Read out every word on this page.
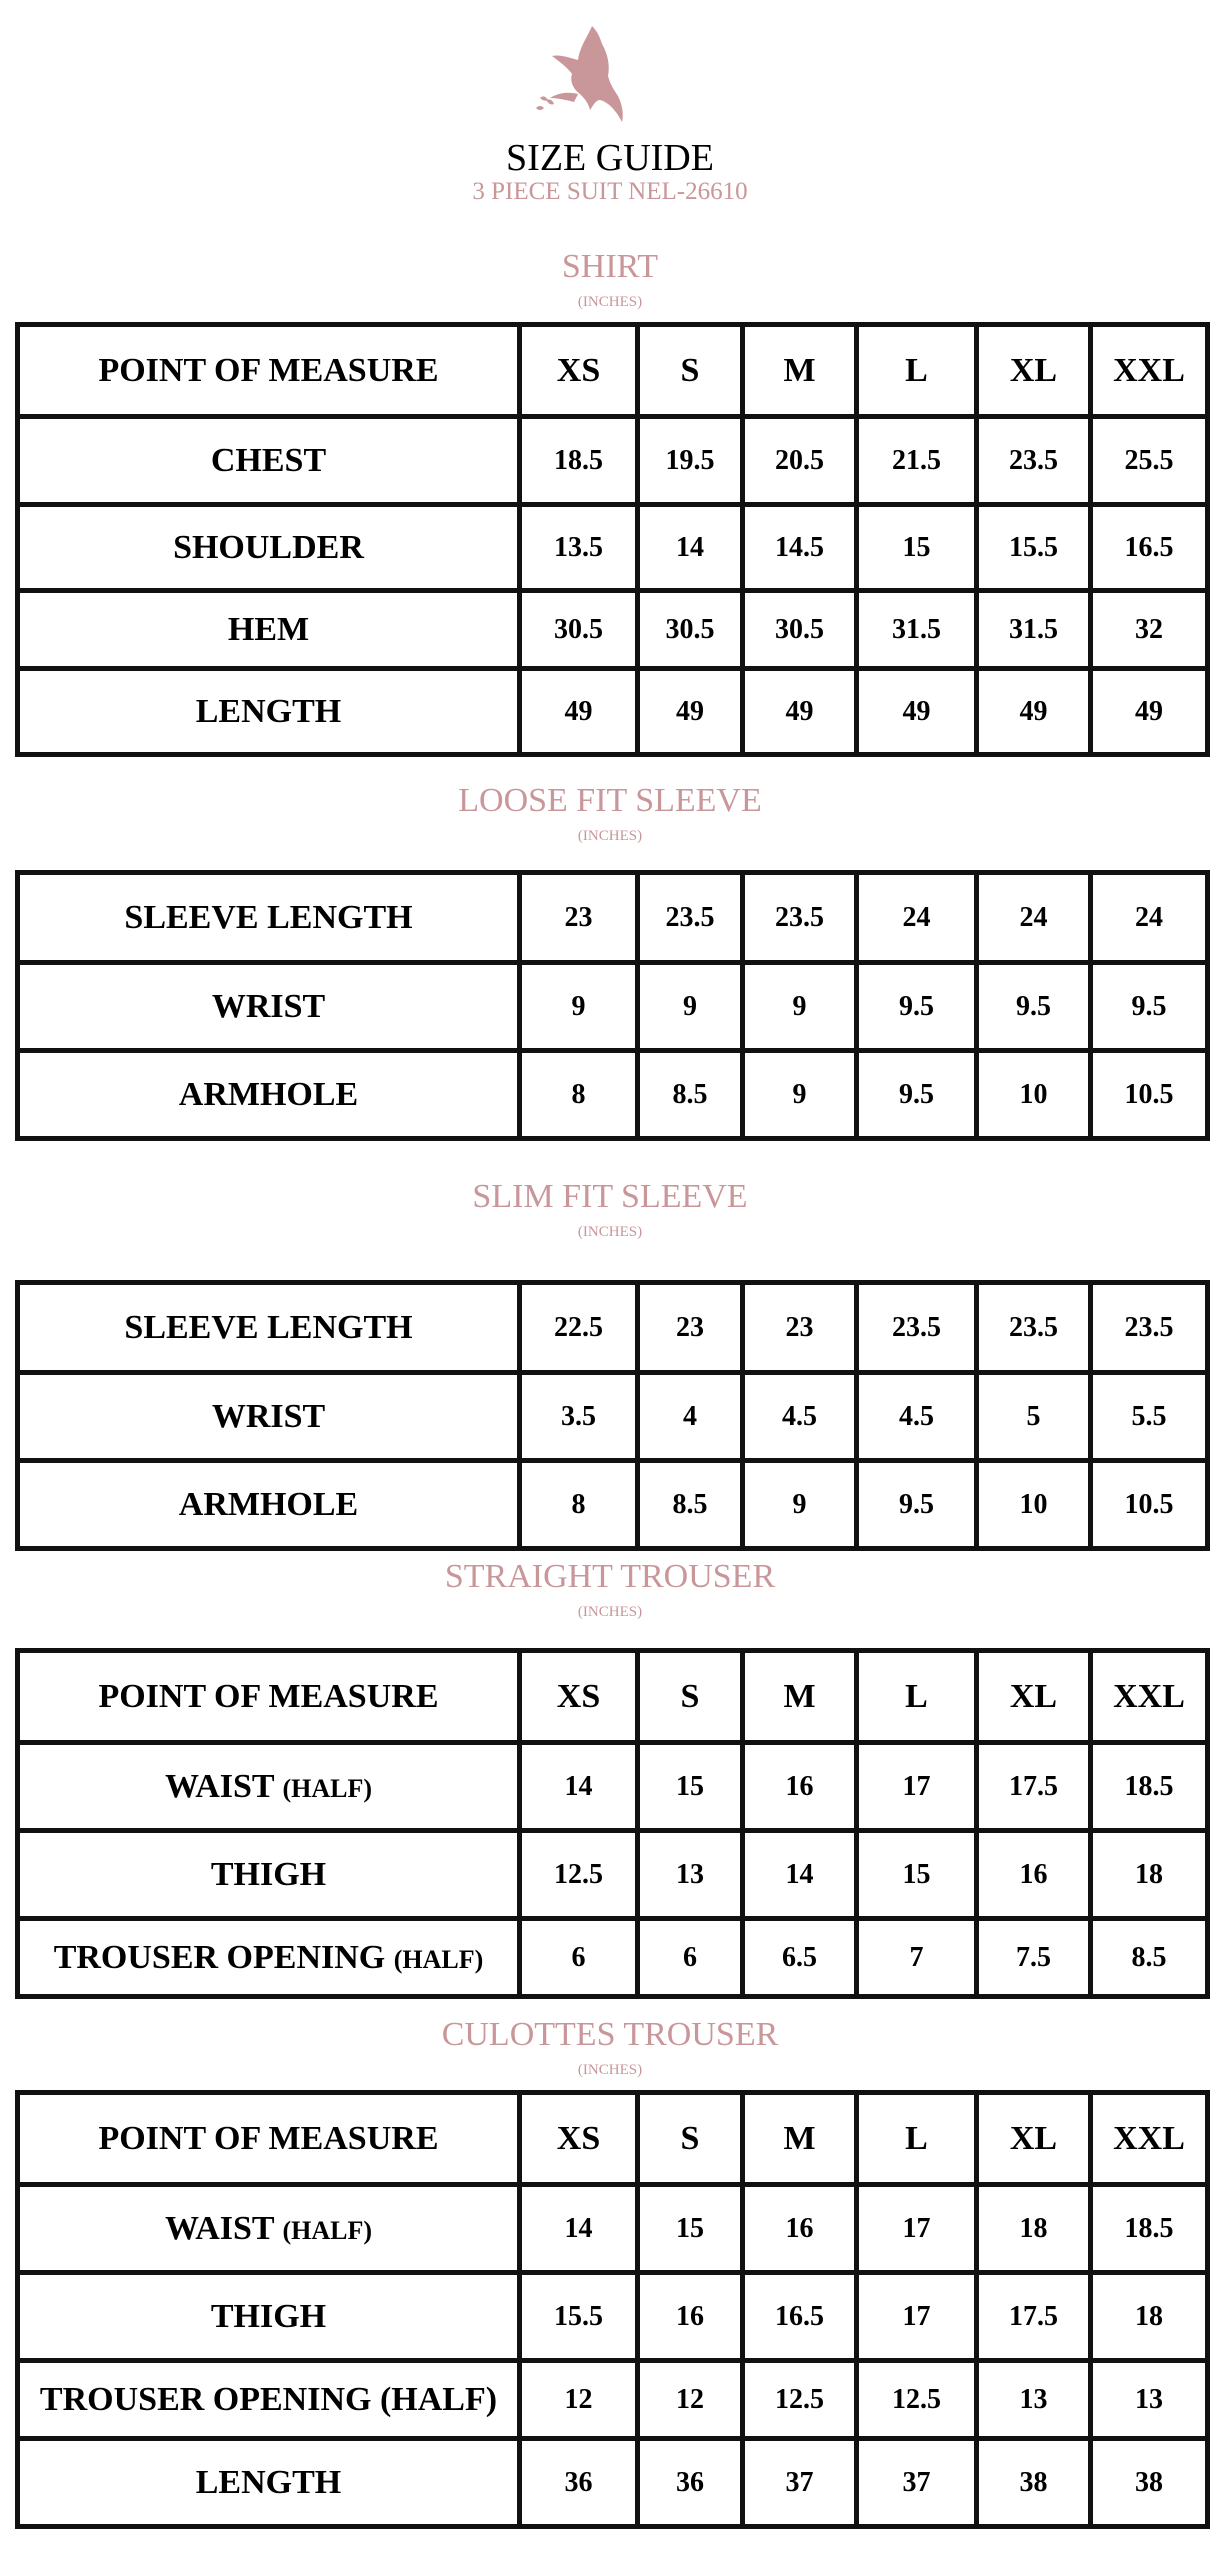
SIZE GUIDE
3 PIECE SUIT NEL-26610
SHIRT
(INCHES)
POINT OF MEASURE	XS	S	M	L	XL	XXL
CHEST	18.5	19.5	20.5	21.5	23.5	25.5
SHOULDER	13.5	14	14.5	15	15.5	16.5
HEM	30.5	30.5	30.5	31.5	31.5	32
LENGTH	49	49	49	49	49	49
LOOSE FIT SLEEVE
(INCHES)
SLEEVE LENGTH	23	23.5	23.5	24	24	24
WRIST	9	9	9	9.5	9.5	9.5
ARMHOLE	8	8.5	9	9.5	10	10.5
SLIM FIT SLEEVE
(INCHES)
SLEEVE LENGTH	22.5	23	23	23.5	23.5	23.5
WRIST	3.5	4	4.5	4.5	5	5.5
ARMHOLE	8	8.5	9	9.5	10	10.5
STRAIGHT TROUSER
(INCHES)
POINT OF MEASURE	XS	S	M	L	XL	XXL
WAIST (HALF)	14	15	16	17	17.5	18.5
THIGH	12.5	13	14	15	16	18
TROUSER OPENING (HALF)	6	6	6.5	7	7.5	8.5
CULOTTES TROUSER
(INCHES)
POINT OF MEASURE	XS	S	M	L	XL	XXL
WAIST (HALF)	14	15	16	17	18	18.5
THIGH	15.5	16	16.5	17	17.5	18
TROUSER OPENING (HALF)	12	12	12.5	12.5	13	13
LENGTH	36	36	37	37	38	38
